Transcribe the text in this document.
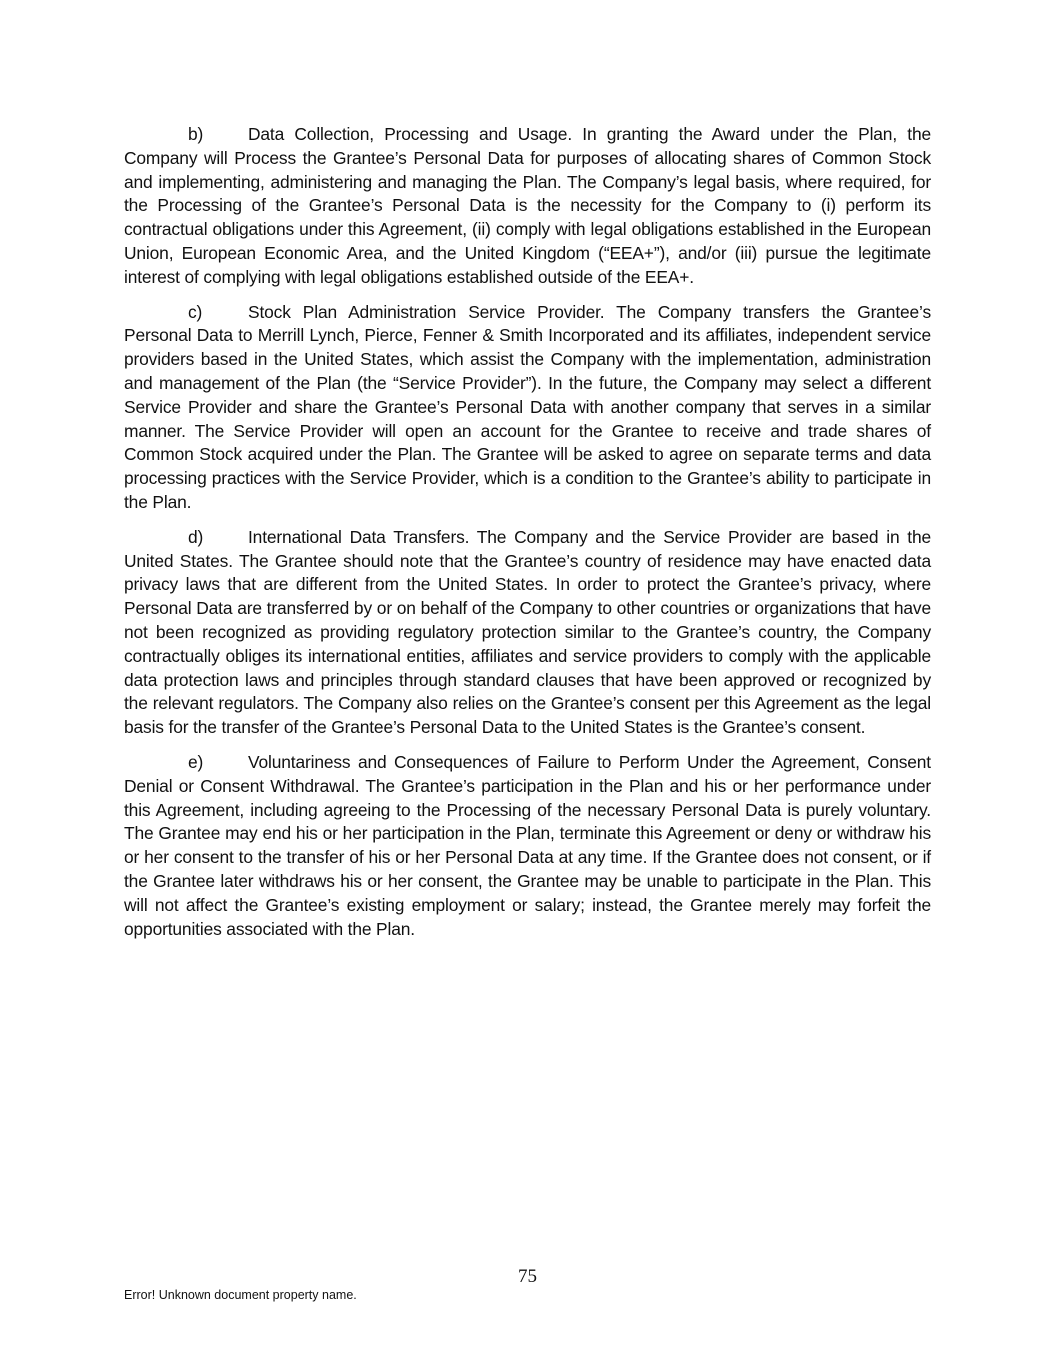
b)	Data Collection, Processing and Usage. In granting the Award under the Plan, the Company will Process the Grantee’s Personal Data for purposes of allocating shares of Common Stock and implementing, administering and managing the Plan. The Company’s legal basis, where required, for the Processing of the Grantee’s Personal Data is the necessity for the Company to (i) perform its contractual obligations under this Agreement, (ii) comply with legal obligations established in the European Union, European Economic Area, and the United Kingdom (“EEA+”), and/or (iii) pursue the legitimate interest of complying with legal obligations established outside of the EEA+.

c)	Stock Plan Administration Service Provider. The Company transfers the Grantee’s Personal Data to Merrill Lynch, Pierce, Fenner & Smith Incorporated and its affiliates, independent service providers based in the United States, which assist the Company with the implementation, administration and management of the Plan (the “Service Provider”). In the future, the Company may select a different Service Provider and share the Grantee’s Personal Data with another company that serves in a similar manner. The Service Provider will open an account for the Grantee to receive and trade shares of Common Stock acquired under the Plan. The Grantee will be asked to agree on separate terms and data processing practices with the Service Provider, which is a condition to the Grantee’s ability to participate in the Plan.

d)	International Data Transfers. The Company and the Service Provider are based in the United States. The Grantee should note that the Grantee’s country of residence may have enacted data privacy laws that are different from the United States. In order to protect the Grantee’s privacy, where Personal Data are transferred by or on behalf of the Company to other countries or organizations that have not been recognized as providing regulatory protection similar to the Grantee’s country, the Company contractually obliges its international entities, affiliates and service providers to comply with the applicable data protection laws and principles through standard clauses that have been approved or recognized by the relevant regulators. The Company also relies on the Grantee’s consent per this Agreement as the legal basis for the transfer of the Grantee’s Personal Data to the United States is the Grantee’s consent.

e)	Voluntariness and Consequences of Failure to Perform Under the Agreement, Consent Denial or Consent Withdrawal. The Grantee’s participation in the Plan and his or her performance under this Agreement, including agreeing to the Processing of the necessary Personal Data is purely voluntary. The Grantee may end his or her participation in the Plan, terminate this Agreement or deny or withdraw his or her consent to the transfer of his or her Personal Data at any time. If the Grantee does not consent, or if the Grantee later withdraws his or her consent, the Grantee may be unable to participate in the Plan. This will not affect the Grantee’s existing employment or salary; instead, the Grantee merely may forfeit the opportunities associated with the Plan.

75
Error! Unknown document property name.
